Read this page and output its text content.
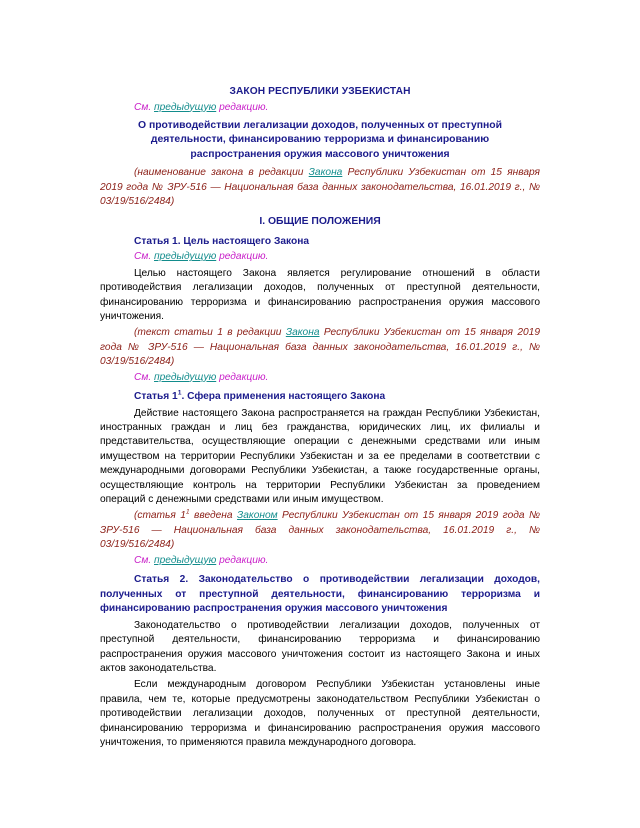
ЗАКОН РЕСПУБЛИКИ УЗБЕКИСТАН

См. предыдущую редакцию.

О противодействии легализации доходов, полученных от преступной
деятельности, финансированию терроризма и финансированию
распространения оружия массового уничтожения

(наименование закона в редакции Закона Республики Узбекистан от 15 января 2019 года № ЗРУ-516 — Национальная база данных законодательства, 16.01.2019 г., № 03/19/516/2484)

I. ОБЩИЕ ПОЛОЖЕНИЯ

Статья 1. Цель настоящего Закона

См. предыдущую редакцию.

Целью настоящего Закона является регулирование отношений в области противодействия легализации доходов, полученных от преступной деятельности, финансированию терроризма и финансированию распространения оружия массового уничтожения.

(текст статьи 1 в редакции Закона Республики Узбекистан от 15 января 2019 года № ЗРУ-516 — Национальная база данных законодательства, 16.01.2019 г., № 03/19/516/2484)

См. предыдущую редакцию.

Статья $1^1$. Сфера применения настоящего Закона

Действие настоящего Закона распространяется на граждан Республики Узбекистан, иностранных граждан и лиц без гражданства, юридических лиц, их филиалы и представительства, осуществляющие операции с денежными средствами или иным имуществом на территории Республики Узбекистан и за ее пределами в соответствии с международными договорами Республики Узбекистан, а также государственные органы, осуществляющие контроль на территории Республики Узбекистан за проведением операций с денежными средствами или иным имуществом.

(статья $1^1$ введена Законом Республики Узбекистан от 15 января 2019 года № ЗРУ-516 — Национальная база данных законодательства, 16.01.2019 г., № 03/19/516/2484)

См. предыдущую редакцию.

Статья 2. Законодательство о противодействии легализации доходов, полученных от преступной деятельности, финансированию терроризма и финансированию распространения оружия массового уничтожения

Законодательство о противодействии легализации доходов, полученных от преступной деятельности, финансированию терроризма и финансированию распространения оружия массового уничтожения состоит из настоящего Закона и иных актов законодательства.

Если международным договором Республики Узбекистан установлены иные правила, чем те, которые предусмотрены законодательством Республики Узбекистан о противодействии легализации доходов, полученных от преступной деятельности, финансированию терроризма и финансированию распространения оружия массового уничтожения, то применяются правила международного договора.
